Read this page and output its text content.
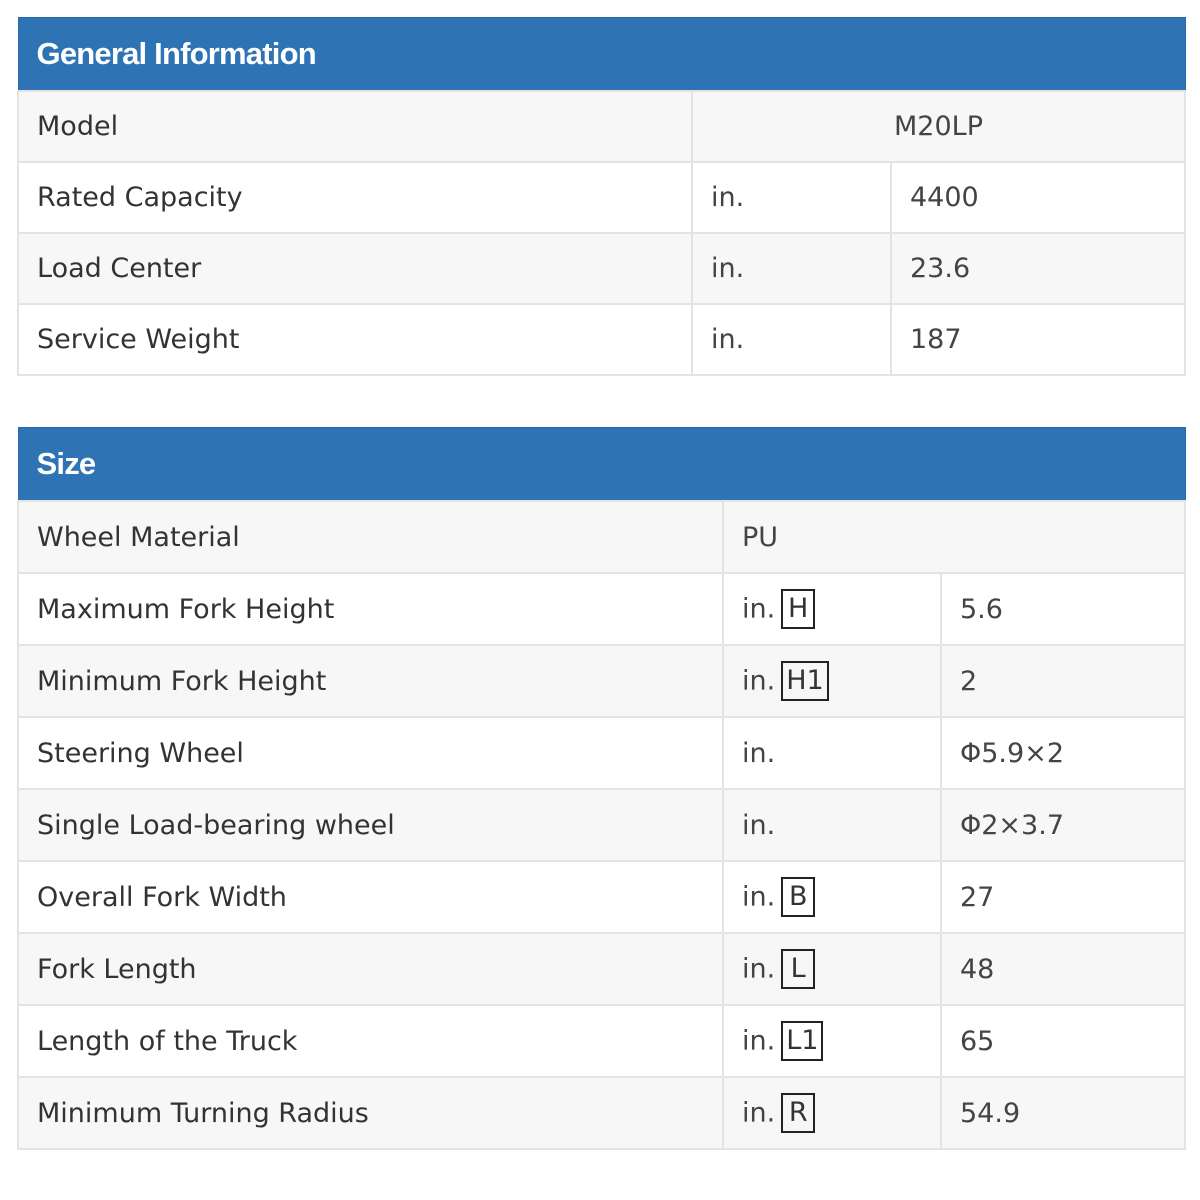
General Information		
Model	M20LP	
Rated Capacity	in.	4400
Load Center	in.	23.6
Service Weight	in.	187
Size		
Wheel Material	PU	
Maximum Fork Height	in. H	5.6
Minimum Fork Height	in. H1	2
Steering Wheel	in.	Φ5.9×2
Single Load-bearing wheel	in.	Φ2×3.7
Overall Fork Width	in. B	27
Fork Length	in. L	48
Length of the Truck	in. L1	65
Minimum Turning Radius	in. R	54.9
